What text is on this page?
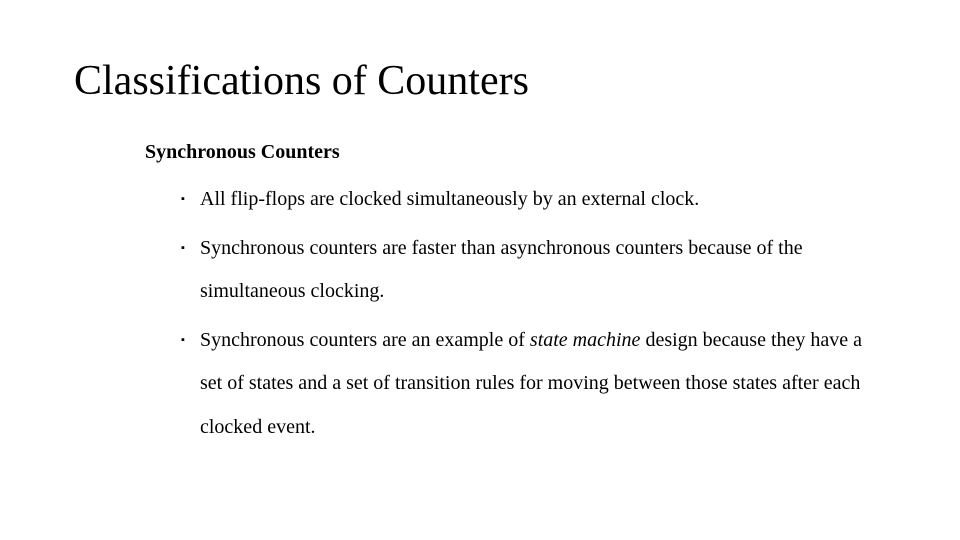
Classifications of Counters
Synchronous Counters
▪ All flip-flops are clocked simultaneously by an external clock.
▪ Synchronous counters are faster than asynchronous counters because of the simultaneous clocking.
▪ Synchronous counters are an example of state machine design because they have a set of states and a set of transition rules for moving between those states after each clocked event.
